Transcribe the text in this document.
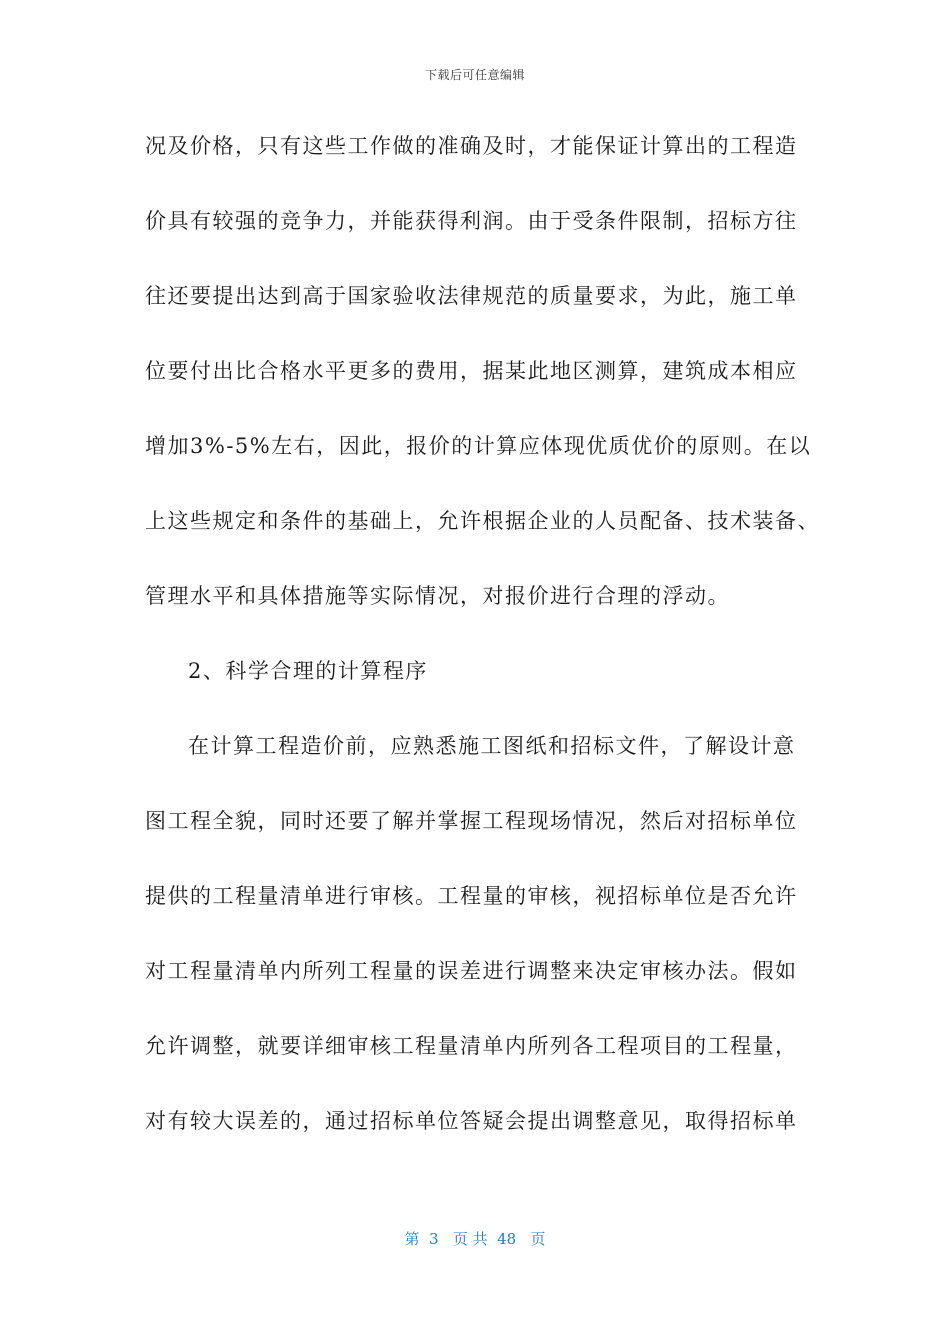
下载后可任意编辑
况及价格，只有这些工作做的准确及时，才能保证计算出的工程造
价具有较强的竞争力，并能获得利润。由于受条件限制，招标方往
往还要提出达到高于国家验收法律规范的质量要求，为此，施工单
位要付出比合格水平更多的费用，据某此地区测算，建筑成本相应
增加3%-5%左右，因此，报价的计算应体现优质优价的原则。在以
上这些规定和条件的基础上，允许根据企业的人员配备、技术装备、
管理水平和具体措施等实际情况，对报价进行合理的浮动。
2、科学合理的计算程序
在计算工程造价前，应熟悉施工图纸和招标文件，了解设计意
图工程全貌，同时还要了解并掌握工程现场情况，然后对招标单位
提供的工程量清单进行审核。工程量的审核，视招标单位是否允许
对工程量清单内所列工程量的误差进行调整来决定审核办法。假如
允许调整，就要详细审核工程量清单内所列各工程项目的工程量，
对有较大误差的，通过招标单位答疑会提出调整意见，取得招标单
第  3   页 共  48   页
